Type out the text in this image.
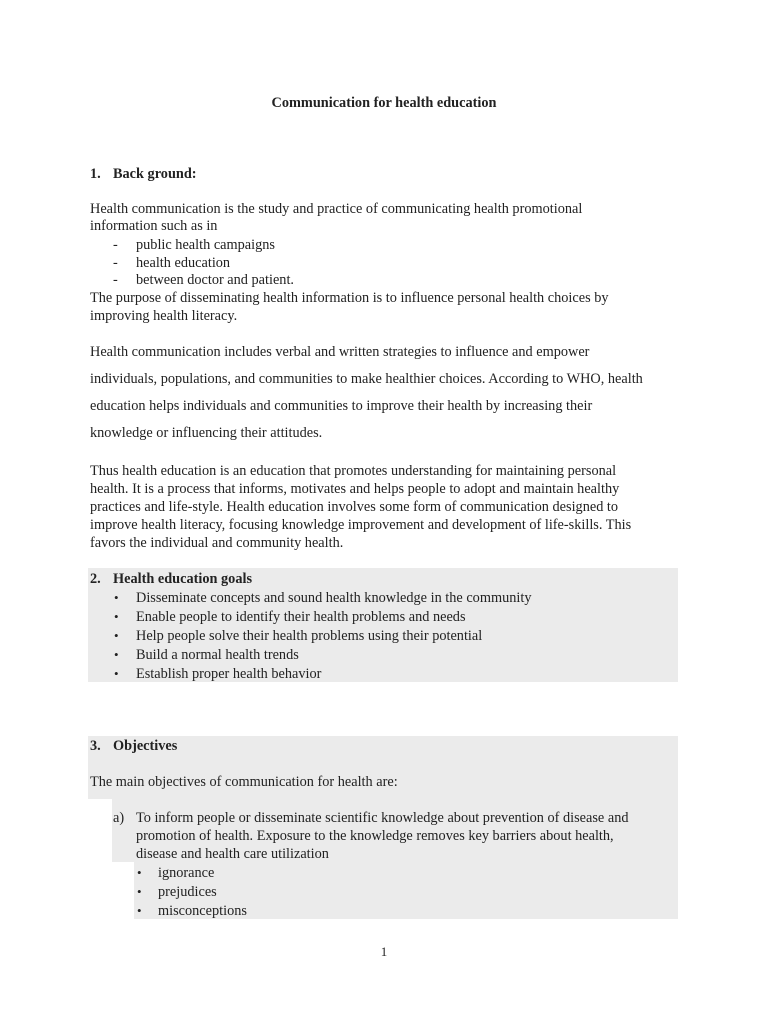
Communication for health education

1. Back ground:

Health communication is the study and practice of communicating health promotional

information such as in

- public health campaigns
- health education
- between doctor and patient.

The purpose of disseminating health information is to influence personal health choices by

improving health literacy.

Health communication includes verbal and written strategies to influence and empower

individuals, populations, and communities to make healthier choices. According to WHO, health

education helps individuals and communities to improve their health by increasing their

knowledge or influencing their attitudes.

Thus health education is an education that promotes understanding for maintaining personal

health. It is a process that informs, motivates and helps people to adopt and maintain healthy

practices and life-style. Health education involves some form of communication designed to

improve health literacy, focusing knowledge improvement and development of life-skills. This

favors the individual and community health.

2. Health education goals

• Disseminate concepts and sound health knowledge in the community
• Enable people to identify their health problems and needs
• Help people solve their health problems using their potential
• Build a normal health trends
• Establish proper health behavior

3. Objectives

The main objectives of communication for health are:

a) To inform people or disseminate scientific knowledge about prevention of disease and

promotion of health. Exposure to the knowledge removes key barriers about health,

disease and health care utilization

• ignorance
• prejudices
• misconceptions

1
